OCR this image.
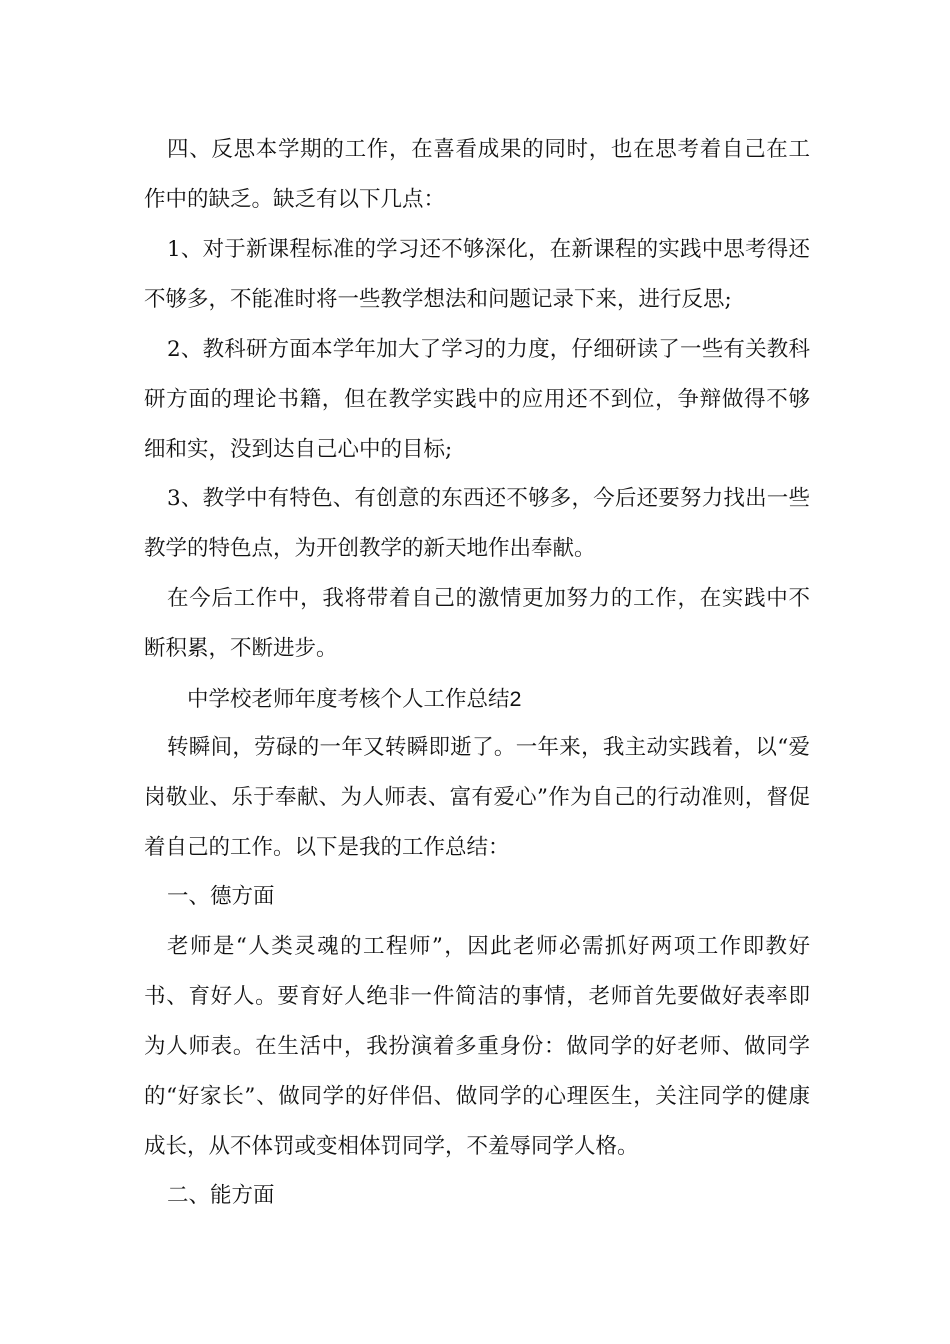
四、反思本学期的工作，在喜看成果的同时，也在思考着自己在工作中的缺乏。缺乏有以下几点：

1、对于新课程标准的学习还不够深化，在新课程的实践中思考得还不够多，不能准时将一些教学想法和问题记录下来，进行反思;

2、教科研方面本学年加大了学习的力度，仔细研读了一些有关教科研方面的理论书籍，但在教学实践中的应用还不到位，争辩做得不够细和实，没到达自己心中的目标;

3、教学中有特色、有创意的东西还不够多，今后还要努力找出一些教学的特色点，为开创教学的新天地作出奉献。

在今后工作中，我将带着自己的激情更加努力的工作，在实践中不断积累，不断进步。

中学校老师年度考核个人工作总结2

转瞬间，劳碌的一年又转瞬即逝了。一年来，我主动实践着，以“爱岗敬业、乐于奉献、为人师表、富有爱心”作为自己的行动准则，督促着自己的工作。以下是我的工作总结：

一、德方面

老师是“人类灵魂的工程师”，因此老师必需抓好两项工作即教好书、育好人。要育好人绝非一件简洁的事情，老师首先要做好表率即为人师表。在生活中，我扮演着多重身份：做同学的好老师、做同学的“好家长”、做同学的好伴侣、做同学的心理医生，关注同学的健康成长，从不体罚或变相体罚同学，不羞辱同学人格。

二、能方面
